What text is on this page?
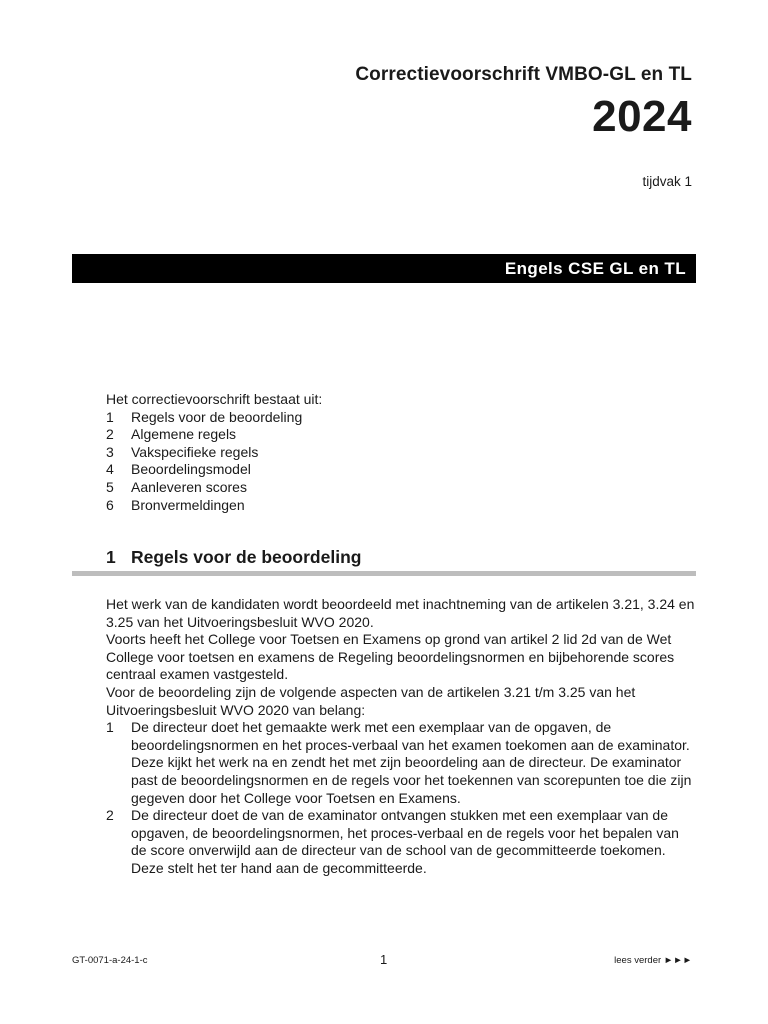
Correctievoorschrift VMBO-GL en TL
2024
tijdvak 1
Engels CSE GL en TL
Het correctievoorschrift bestaat uit:
1	Regels voor de beoordeling
2	Algemene regels
3	Vakspecifieke regels
4	Beoordelingsmodel
5	Aanleveren scores
6	Bronvermeldingen
1 Regels voor de beoordeling

Het werk van de kandidaten wordt beoordeeld met inachtneming van de artikelen 3.21, 3.24 en 3.25 van het Uitvoeringsbesluit WVO 2020.

Voorts heeft het College voor Toetsen en Examens op grond van artikel 2 lid 2d van de Wet College voor toetsen en examens de Regeling beoordelingsnormen en bijbehorende scores centraal examen vastgesteld.

Voor de beoordeling zijn de volgende aspecten van de artikelen 3.21 t/m 3.25 van het Uitvoeringsbesluit WVO 2020 van belang:

1	De directeur doet het gemaakte werk met een exemplaar van de opgaven, de beoordelingsnormen en het proces-verbaal van het examen toekomen aan de examinator. Deze kijkt het werk na en zendt het met zijn beoordeling aan de directeur. De examinator past de beoordelingsnormen en de regels voor het toekennen van scorepunten toe die zijn gegeven door het College voor Toetsen en Examens.
2	De directeur doet de van de examinator ontvangen stukken met een exemplaar van de opgaven, de beoordelingsnormen, het proces-verbaal en de regels voor het bepalen van de score onverwijld aan de directeur van de school van de gecommitteerde toekomen. Deze stelt het ter hand aan de gecommitteerde.
GT-0071-a-24-1-c	1	lees verder ►►►
